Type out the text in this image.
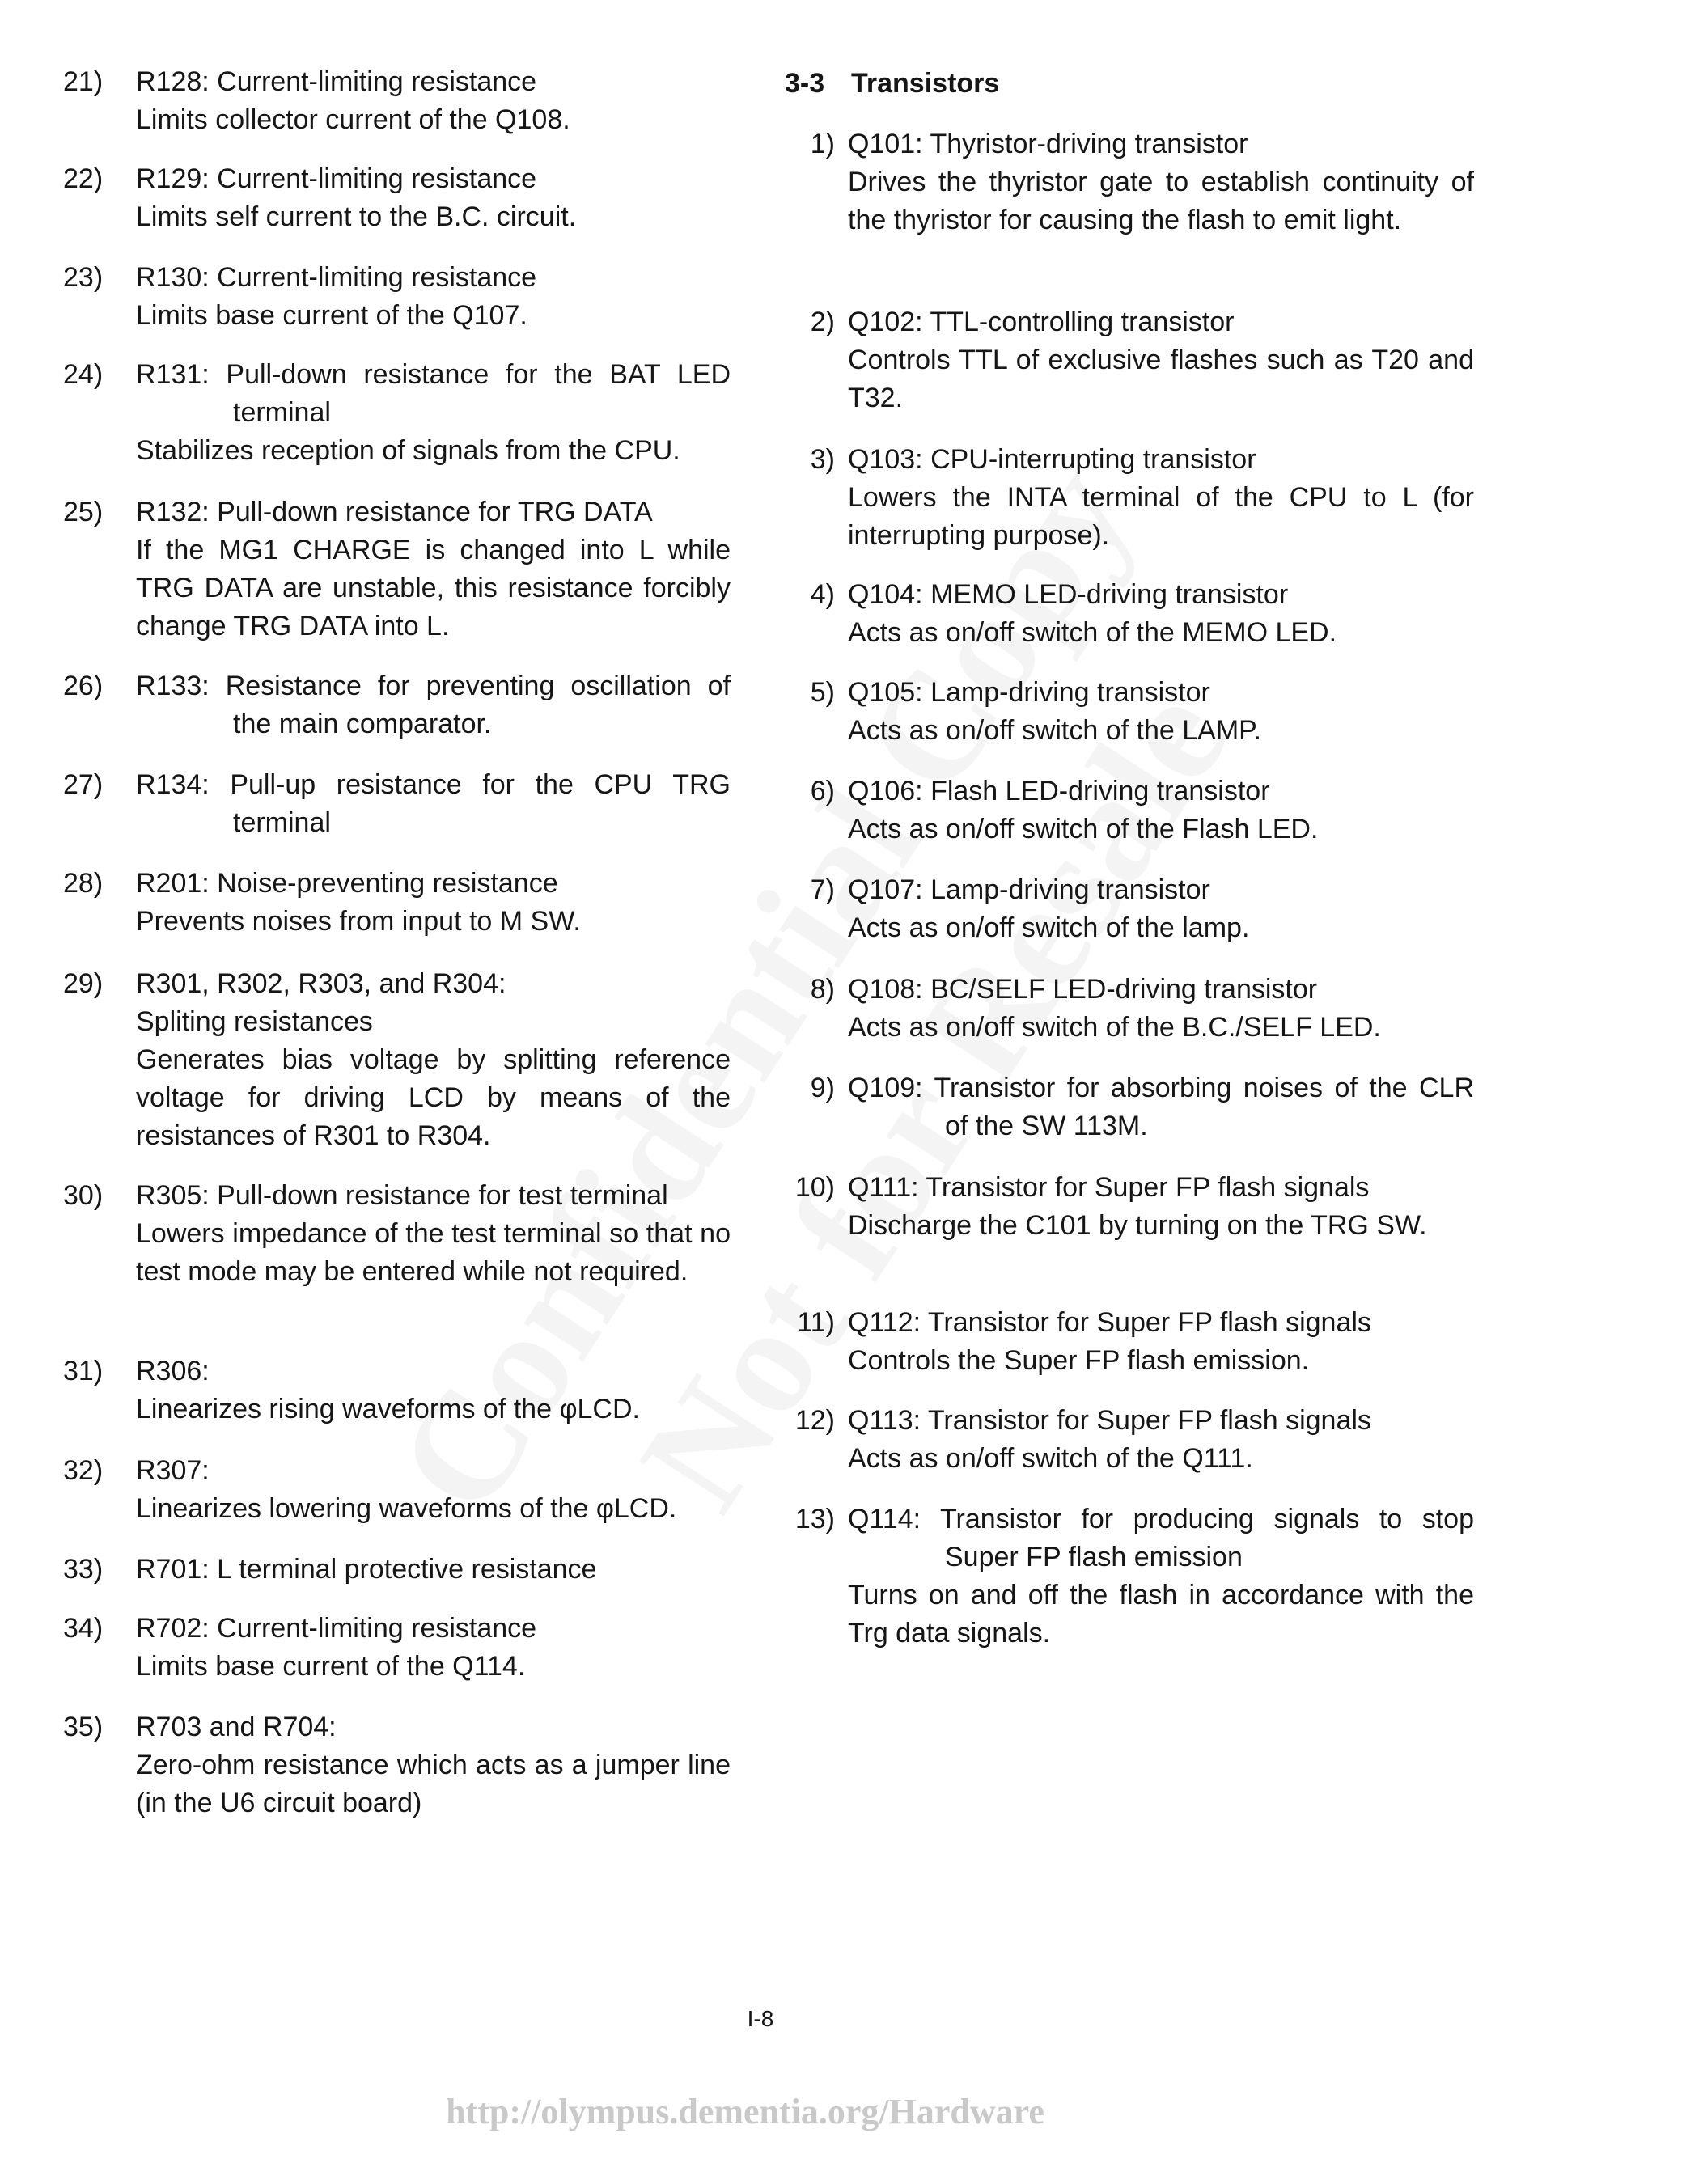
21) R128: Current-limiting resistance
Limits collector current of the Q108.
22) R129: Current-limiting resistance
Limits self current to the B.C. circuit.
23) R130: Current-limiting resistance
Limits base current of the Q107.
24) R131: Pull-down resistance for the BAT LED terminal
Stabilizes reception of signals from the CPU.
25) R132: Pull-down resistance for TRG DATA
If the MG1 CHARGE is changed into L while TRG DATA are unstable, this resistance forcibly change TRG DATA into L.
26) R133: Resistance for preventing oscillation of the main comparator.
27) R134: Pull-up resistance for the CPU TRG terminal
28) R201: Noise-preventing resistance
Prevents noises from input to M SW.
29) R301, R302, R303, and R304:
Spliting resistances
Generates bias voltage by splitting reference voltage for driving LCD by means of the resistances of R301 to R304.
30) R305: Pull-down resistance for test terminal
Lowers impedance of the test terminal so that no test mode may be entered while not required.
31) R306:
Linearizes rising waveforms of the φLCD.
32) R307:
Linearizes lowering waveforms of the φLCD.
33) R701: L terminal protective resistance
34) R702: Current-limiting resistance
Limits base current of the Q114.
35) R703 and R704:
Zero-ohm resistance which acts as a jumper line (in the U6 circuit board)
3-3 Transistors
1) Q101: Thyristor-driving transistor
Drives the thyristor gate to establish continuity of the thyristor for causing the flash to emit light.
2) Q102: TTL-controlling transistor
Controls TTL of exclusive flashes such as T20 and T32.
3) Q103: CPU-interrupting transistor
Lowers the INTA terminal of the CPU to L (for interrupting purpose).
4) Q104: MEMO LED-driving transistor
Acts as on/off switch of the MEMO LED.
5) Q105: Lamp-driving transistor
Acts as on/off switch of the LAMP.
6) Q106: Flash LED-driving transistor
Acts as on/off switch of the Flash LED.
7) Q107: Lamp-driving transistor
Acts as on/off switch of the lamp.
8) Q108: BC/SELF LED-driving transistor
Acts as on/off switch of the B.C./SELF LED.
9) Q109: Transistor for absorbing noises of the CLR of the SW 113M.
10) Q111: Transistor for Super FP flash signals
Discharge the C101 by turning on the TRG SW.
11) Q112: Transistor for Super FP flash signals
Controls the Super FP flash emission.
12) Q113: Transistor for Super FP flash signals
Acts as on/off switch of the Q111.
13) Q114: Transistor for producing signals to stop Super FP flash emission
Turns on and off the flash in accordance with the Trg data signals.
I-8
http://olympus.dementia.org/Hardware
